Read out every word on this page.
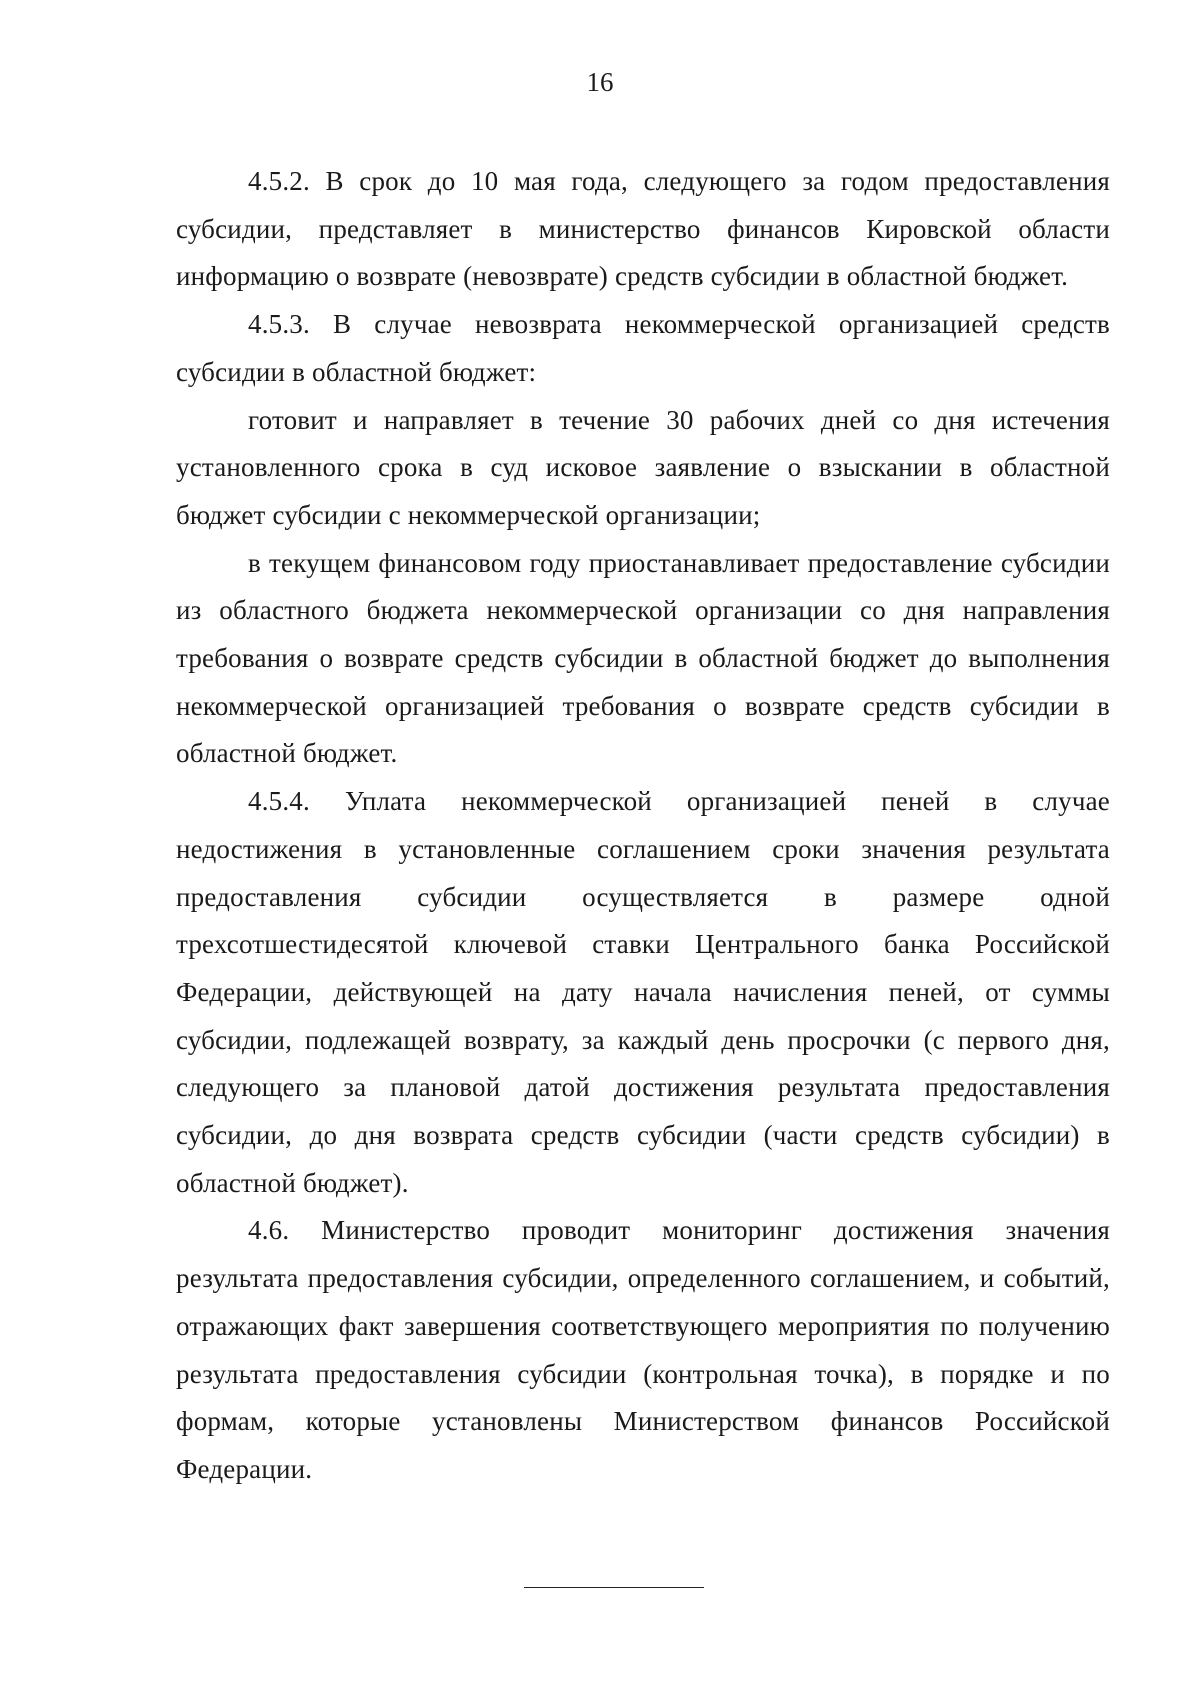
16

4.5.2. В срок до 10 мая года, следующего за годом предоставления субсидии, представляет в министерство финансов Кировской области информацию о возврате (невозврате) средств субсидии в областной бюджет.

4.5.3. В случае невозврата некоммерческой организацией средств субсидии в областной бюджет:

готовит и направляет в течение 30 рабочих дней со дня истечения установленного срока в суд исковое заявление о взыскании в областной бюджет субсидии с некоммерческой организации;

в текущем финансовом году приостанавливает предоставление субсидии из областного бюджета некоммерческой организации со дня направления требования о возврате средств субсидии в областной бюджет до выполнения некоммерческой организацией требования о возврате средств субсидии в областной бюджет.

4.5.4. Уплата некоммерческой организацией пеней в случае недостижения в установленные соглашением сроки значения результата предоставления субсидии осуществляется в размере одной трехсотшестидесятой ключевой ставки Центрального банка Российской Федерации, действующей на дату начала начисления пеней, от суммы субсидии, подлежащей возврату, за каждый день просрочки (с первого дня, следующего за плановой датой достижения результата предоставления субсидии, до дня возврата средств субсидии (части средств субсидии) в областной бюджет).

4.6. Министерство проводит мониторинг достижения значения результата предоставления субсидии, определенного соглашением, и событий, отражающих факт завершения соответствующего мероприятия по получению результата предоставления субсидии (контрольная точка), в порядке и по формам, которые установлены Министерством финансов Российской Федерации.
